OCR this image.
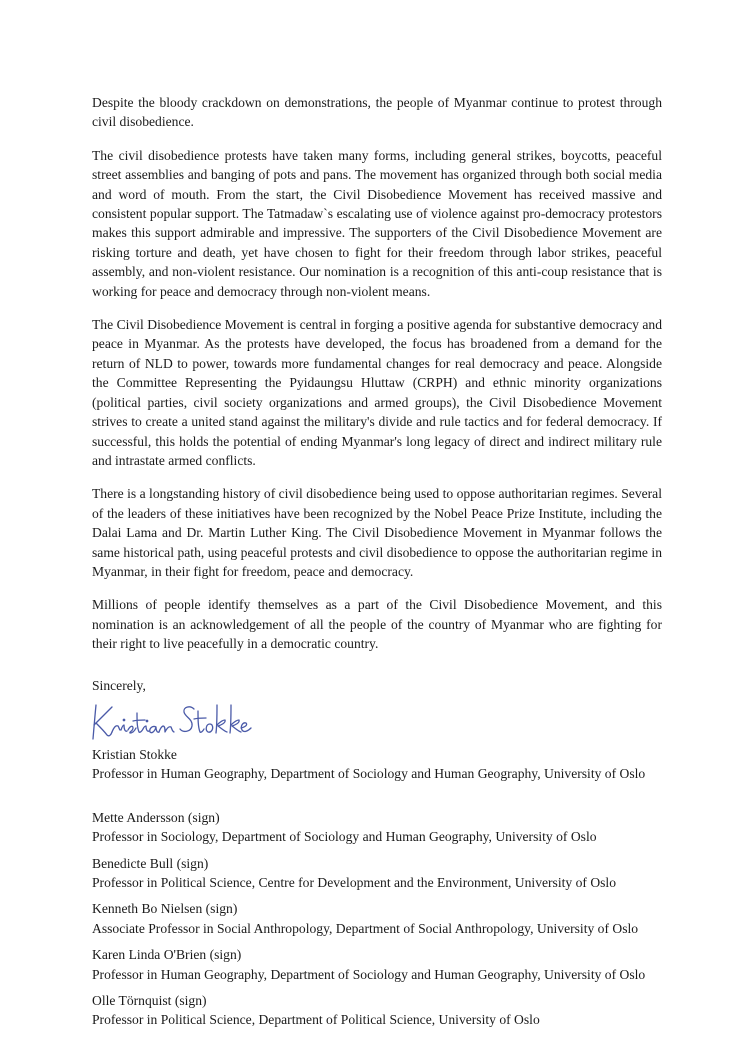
Despite the bloody crackdown on demonstrations, the people of Myanmar continue to protest through civil disobedience.

The civil disobedience protests have taken many forms, including general strikes, boycotts, peaceful street assemblies and banging of pots and pans. The movement has organized through both social media and word of mouth. From the start, the Civil Disobedience Movement has received massive and consistent popular support. The Tatmadaw`s escalating use of violence against pro-democracy protestors makes this support admirable and impressive. The supporters of the Civil Disobedience Movement are risking torture and death, yet have chosen to fight for their freedom through labor strikes, peaceful assembly, and non-violent resistance. Our nomination is a recognition of this anti-coup resistance that is working for peace and democracy through non-violent means.

The Civil Disobedience Movement is central in forging a positive agenda for substantive democracy and peace in Myanmar. As the protests have developed, the focus has broadened from a demand for the return of NLD to power, towards more fundamental changes for real democracy and peace. Alongside the Committee Representing the Pyidaungsu Hluttaw (CRPH) and ethnic minority organizations (political parties, civil society organizations and armed groups), the Civil Disobedience Movement strives to create a united stand against the military's divide and rule tactics and for federal democracy. If successful, this holds the potential of ending Myanmar's long legacy of direct and indirect military rule and intrastate armed conflicts.

There is a longstanding history of civil disobedience being used to oppose authoritarian regimes. Several of the leaders of these initiatives have been recognized by the Nobel Peace Prize Institute, including the Dalai Lama and Dr. Martin Luther King. The Civil Disobedience Movement in Myanmar follows the same historical path, using peaceful protests and civil disobedience to oppose the authoritarian regime in Myanmar, in their fight for freedom, peace and democracy.

Millions of people identify themselves as a part of the Civil Disobedience Movement, and this nomination is an acknowledgement of all the people of the country of Myanmar who are fighting for their right to live peacefully in a democratic country.

Sincerely,

Kristian Stokke
Professor in Human Geography, Department of Sociology and Human Geography, University of Oslo
Mette Andersson (sign)
Professor in Sociology, Department of Sociology and Human Geography, University of Oslo
Benedicte Bull (sign)
Professor in Political Science, Centre for Development and the Environment, University of Oslo
Kenneth Bo Nielsen (sign)
Associate Professor in Social Anthropology, Department of Social Anthropology, University of Oslo
Karen Linda O'Brien (sign)
Professor in Human Geography, Department of Sociology and Human Geography, University of Oslo
Olle Törnquist (sign)
Professor in Political Science, Department of Political Science, University of Oslo
